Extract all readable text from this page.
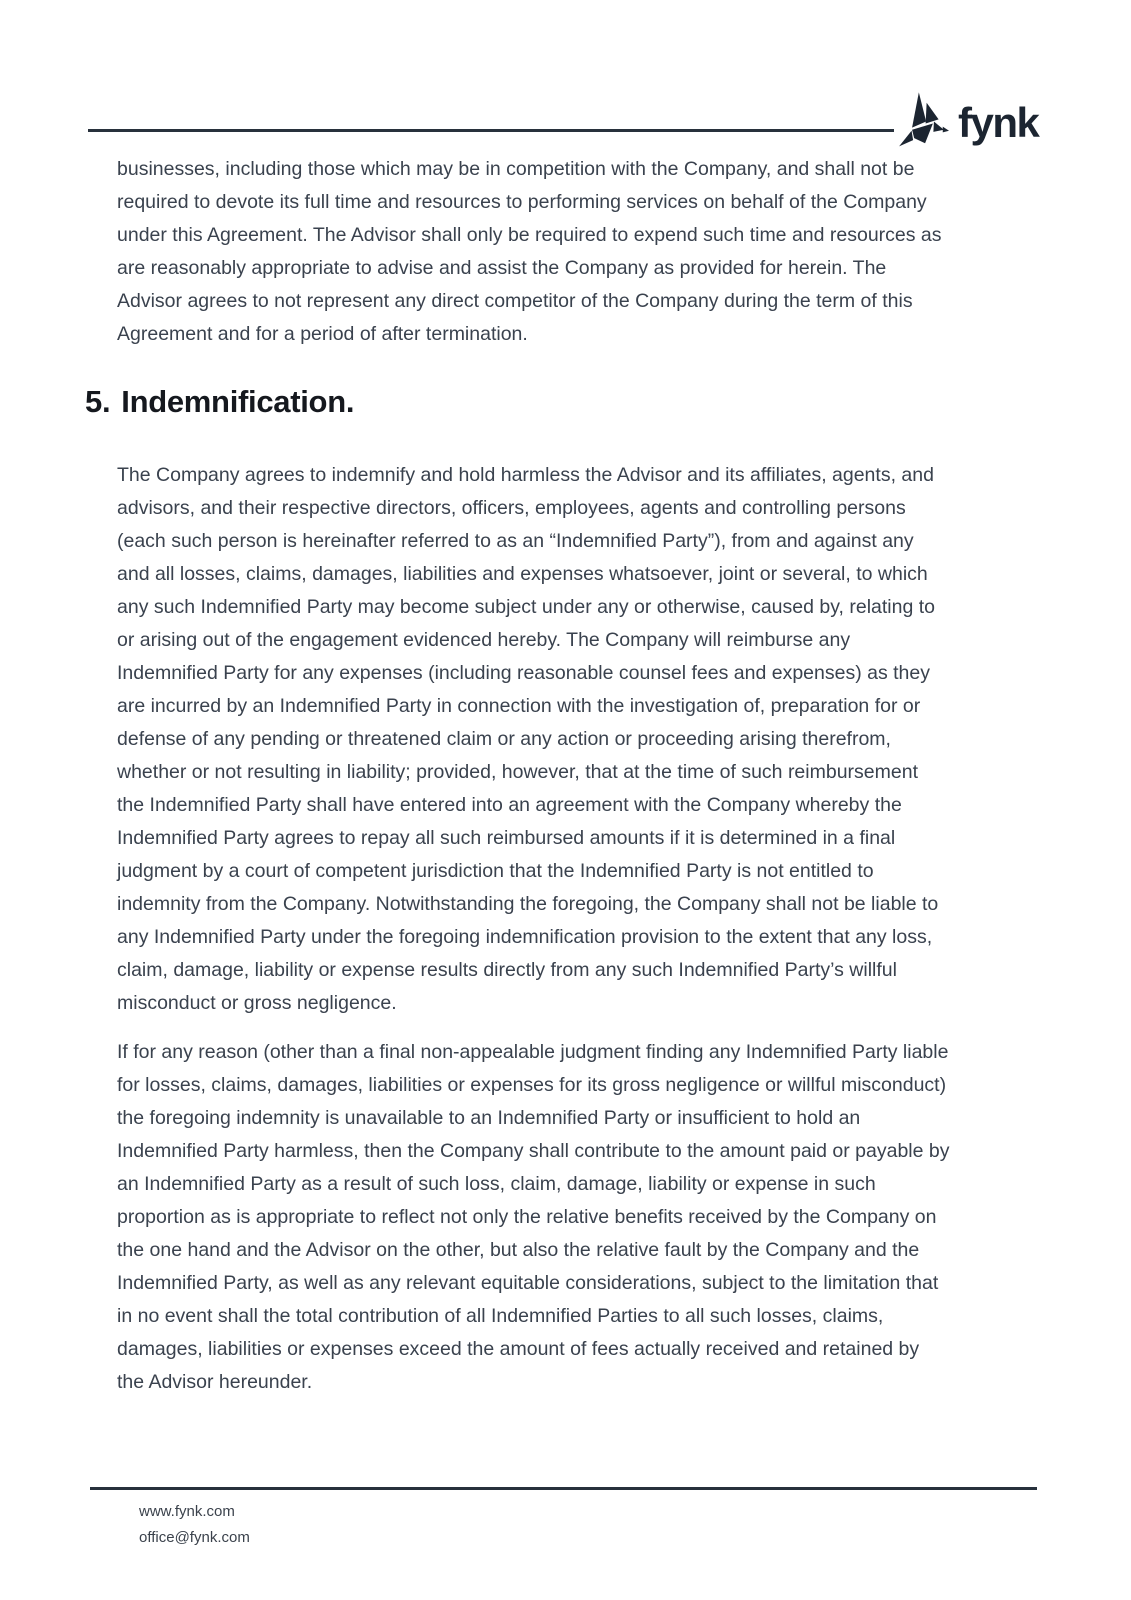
fynk
businesses, including those which may be in competition with the Company, and shall not be
required to devote its full time and resources to performing services on behalf of the Company
under this Agreement. The Advisor shall only be required to expend such time and resources as
are reasonably appropriate to advise and assist the Company as provided for herein. The
Advisor agrees to not represent any direct competitor of the Company during the term of this
Agreement and for a period of after termination.
5. Indemnification.
The Company agrees to indemnify and hold harmless the Advisor and its affiliates, agents, and
advisors, and their respective directors, officers, employees, agents and controlling persons
(each such person is hereinafter referred to as an “Indemnified Party”), from and against any
and all losses, claims, damages, liabilities and expenses whatsoever, joint or several, to which
any such Indemnified Party may become subject under any or otherwise, caused by, relating to
or arising out of the engagement evidenced hereby. The Company will reimburse any
Indemnified Party for any expenses (including reasonable counsel fees and expenses) as they
are incurred by an Indemnified Party in connection with the investigation of, preparation for or
defense of any pending or threatened claim or any action or proceeding arising therefrom,
whether or not resulting in liability; provided, however, that at the time of such reimbursement
the Indemnified Party shall have entered into an agreement with the Company whereby the
Indemnified Party agrees to repay all such reimbursed amounts if it is determined in a final
judgment by a court of competent jurisdiction that the Indemnified Party is not entitled to
indemnity from the Company. Notwithstanding the foregoing, the Company shall not be liable to
any Indemnified Party under the foregoing indemnification provision to the extent that any loss,
claim, damage, liability or expense results directly from any such Indemnified Party’s willful
misconduct or gross negligence.
If for any reason (other than a final non-appealable judgment finding any Indemnified Party liable
for losses, claims, damages, liabilities or expenses for its gross negligence or willful misconduct)
the foregoing indemnity is unavailable to an Indemnified Party or insufficient to hold an
Indemnified Party harmless, then the Company shall contribute to the amount paid or payable by
an Indemnified Party as a result of such loss, claim, damage, liability or expense in such
proportion as is appropriate to reflect not only the relative benefits received by the Company on
the one hand and the Advisor on the other, but also the relative fault by the Company and the
Indemnified Party, as well as any relevant equitable considerations, subject to the limitation that
in no event shall the total contribution of all Indemnified Parties to all such losses, claims,
damages, liabilities or expenses exceed the amount of fees actually received and retained by
the Advisor hereunder.
www.fynk.com
office@fynk.com
